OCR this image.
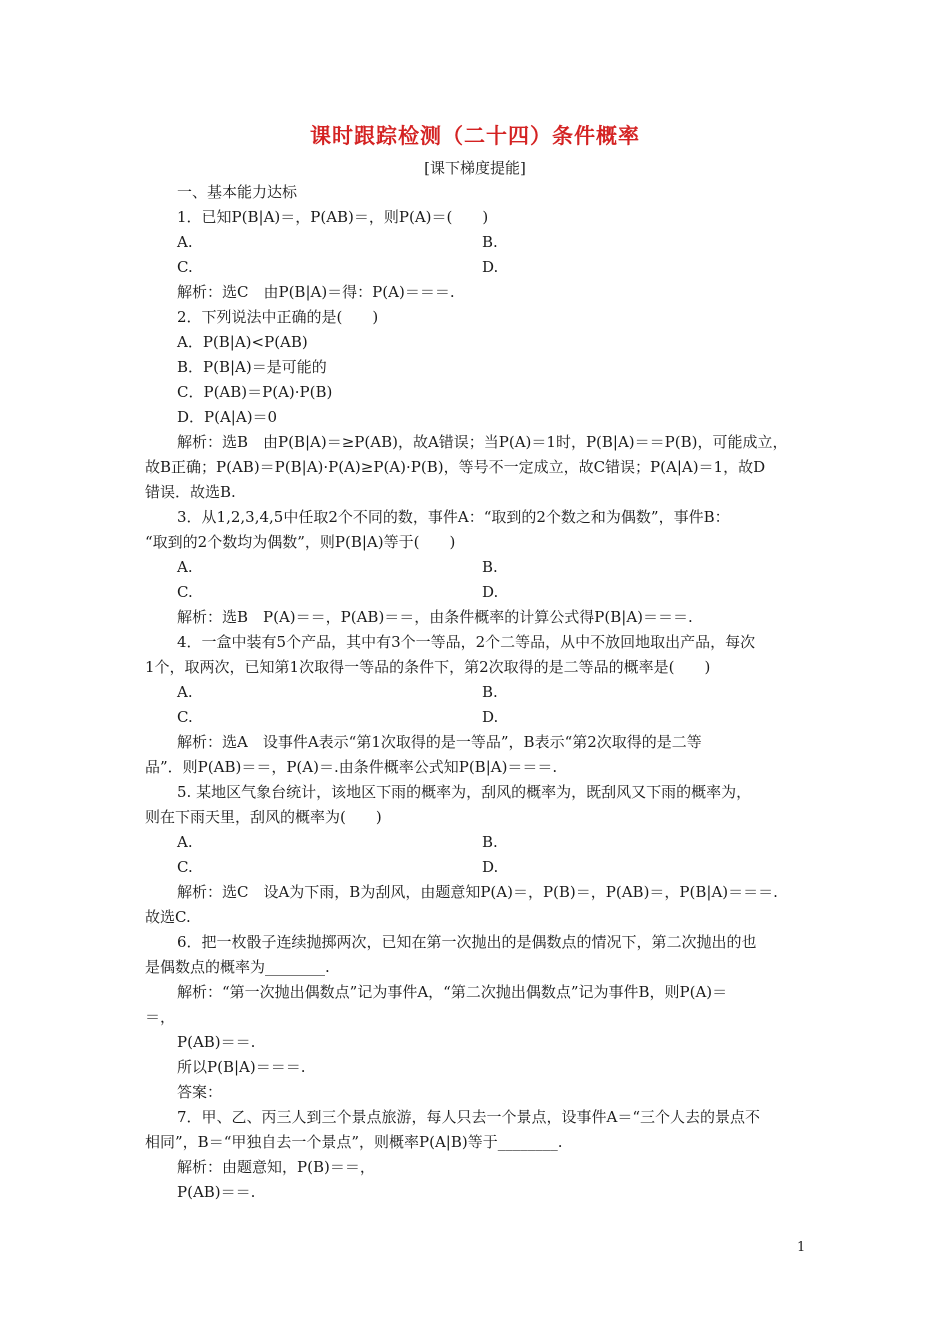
课时跟踪检测（二十四）条件概率
[课下梯度提能]
一、基本能力达标
1．已知P(B|A)＝，P(AB)＝，则P(A)＝(　　)
A.	B.
C.	D.
解析：选C　由P(B|A)＝得：P(A)＝＝＝.
2．下列说法中正确的是(　　)
A．P(B|A)<P(AB)
B．P(B|A)＝是可能的
C．P(AB)＝P(A)·P(B)
D．P(A|A)＝0
解析：选B　由P(B|A)＝≥P(AB)，故A错误；当P(A)＝1时，P(B|A)＝＝P(B)，可能成立，
故B正确；P(AB)＝P(B|A)·P(A)≥P(A)·P(B)，等号不一定成立，故C错误；P(A|A)＝1，故D
错误．故选B.
3．从1,2,3,4,5中任取2个不同的数，事件A：“取到的2个数之和为偶数”，事件B：
“取到的2个数均为偶数”，则P(B|A)等于(　　)
A.	B.
C.	D.
解析：选B　P(A)＝＝，P(AB)＝＝，由条件概率的计算公式得P(B|A)＝＝＝.
4．一盒中装有5个产品，其中有3个一等品，2个二等品，从中不放回地取出产品，每次
1个，取两次，已知第1次取得一等品的条件下，第2次取得的是二等品的概率是(　　)
A.	B.
C.	D.
解析：选A　设事件A表示“第1次取得的是一等品”，B表示“第2次取得的是二等
品”．则P(AB)＝＝，P(A)＝.由条件概率公式知P(B|A)＝＝＝.
5. 某地区气象台统计，该地区下雨的概率为，刮风的概率为，既刮风又下雨的概率为，
则在下雨天里，刮风的概率为(　　)
A.	B.
C.	D.
解析：选C　设A为下雨，B为刮风，由题意知P(A)＝，P(B)＝，P(AB)＝，P(B|A)＝＝＝.
故选C.
6．把一枚骰子连续抛掷两次，已知在第一次抛出的是偶数点的情况下，第二次抛出的也
是偶数点的概率为________.
解析：“第一次抛出偶数点”记为事件A，“第二次抛出偶数点”记为事件B，则P(A)＝
＝，
P(AB)＝＝.
所以P(B|A)＝＝＝.
答案：
7．甲、乙、丙三人到三个景点旅游，每人只去一个景点，设事件A＝“三个人去的景点不
相同”，B＝“甲独自去一个景点”，则概率P(A|B)等于________.
解析：由题意知，P(B)＝＝，
P(AB)＝＝.
1
